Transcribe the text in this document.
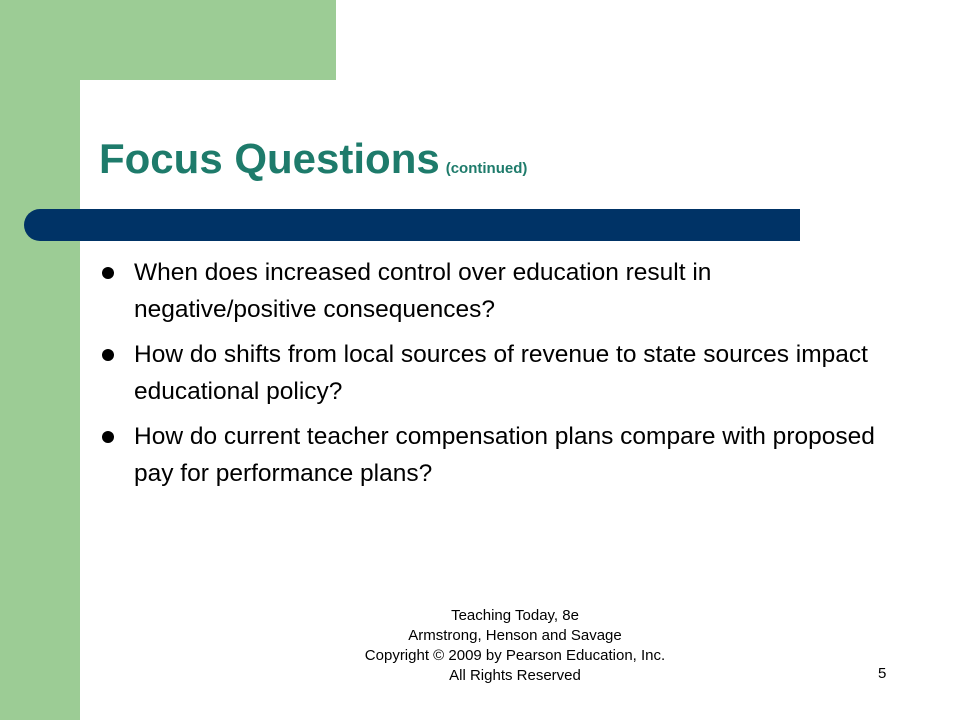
Focus Questions (continued)
When does increased control over education result in negative/positive consequences?
How do shifts from local sources of revenue to state sources impact educational policy?
How do current teacher compensation plans compare with proposed pay for performance plans?
Teaching Today, 8e
Armstrong, Henson and Savage
Copyright © 2009 by Pearson Education, Inc.
All Rights Reserved	5
